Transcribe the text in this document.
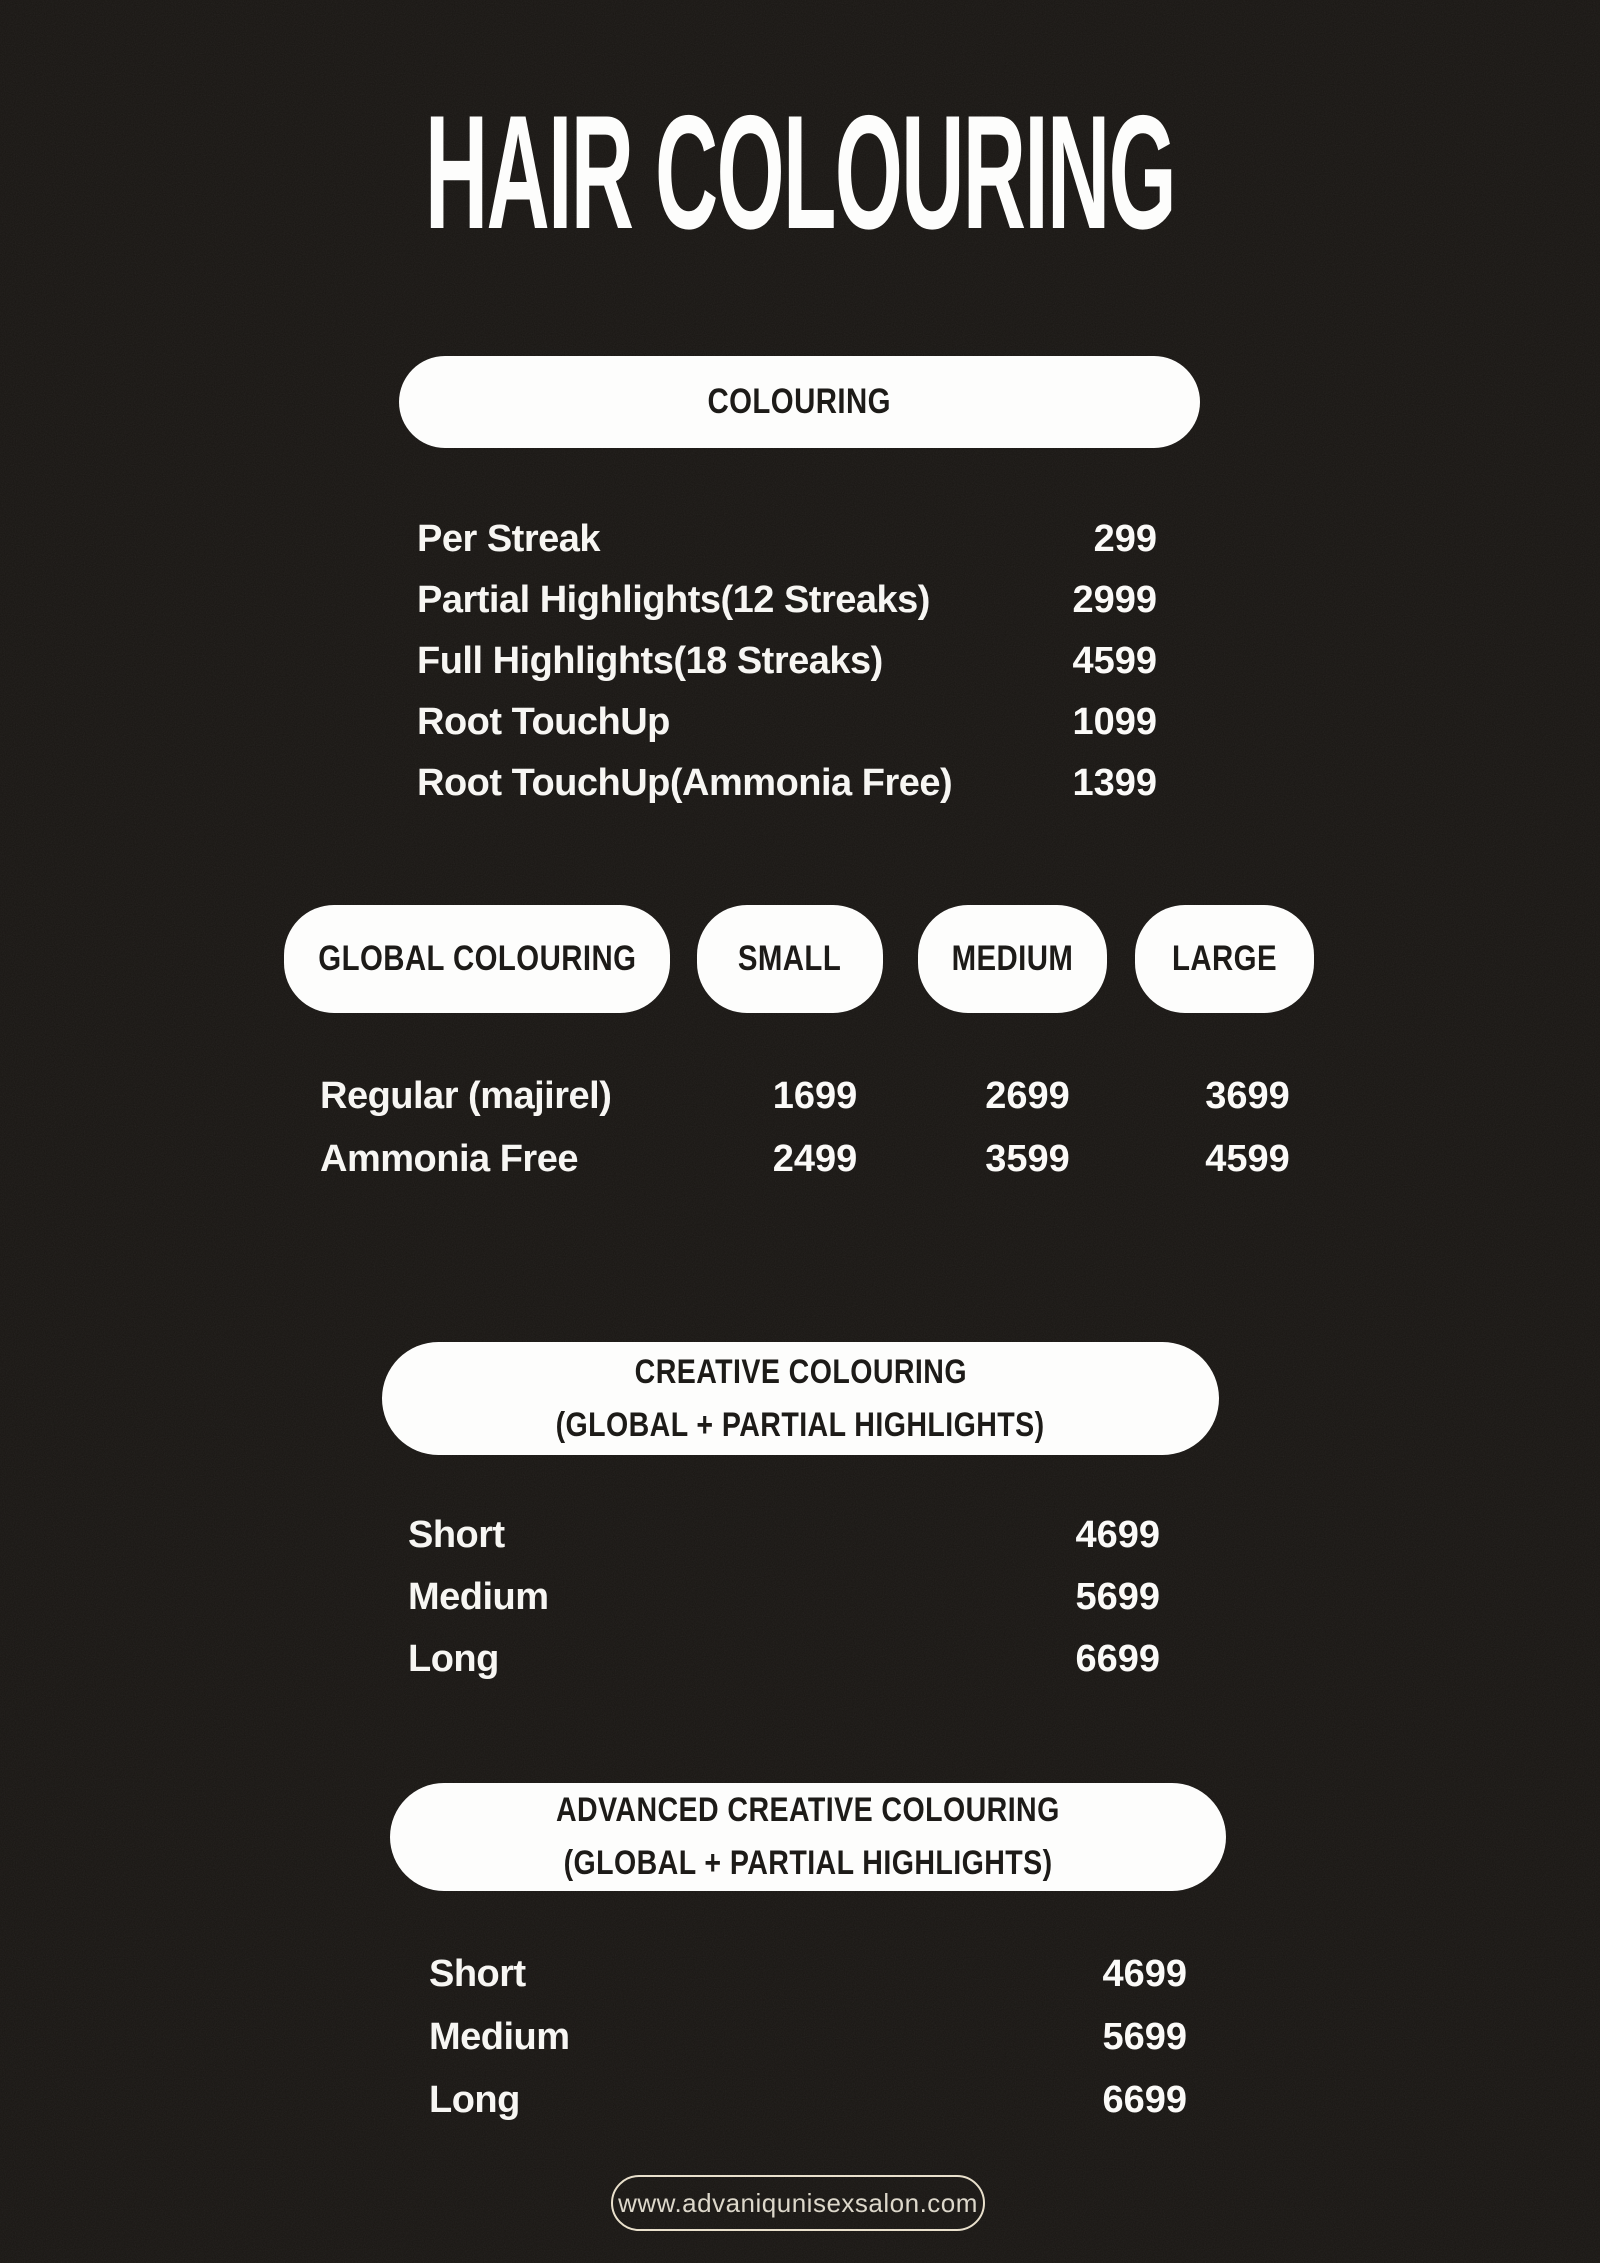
HAIR COLOURING
COLOURING
Per Streak	299
Partial Highlights(12 Streaks)	2999
Full Highlights(18 Streaks)	4599
Root TouchUp	1099
Root TouchUp(Ammonia Free)	1399
GLOBAL COLOURING	SMALL	MEDIUM	LARGE
Regular (majirel)	1699	2699	3699
Ammonia Free	2499	3599	4599
CREATIVE COLOURING
(GLOBAL + PARTIAL HIGHLIGHTS)
Short	4699
Medium	5699
Long	6699
ADVANCED CREATIVE COLOURING
(GLOBAL + PARTIAL HIGHLIGHTS)
Short	4699
Medium	5699
Long	6699
www.advaniqunisexsalon.com
